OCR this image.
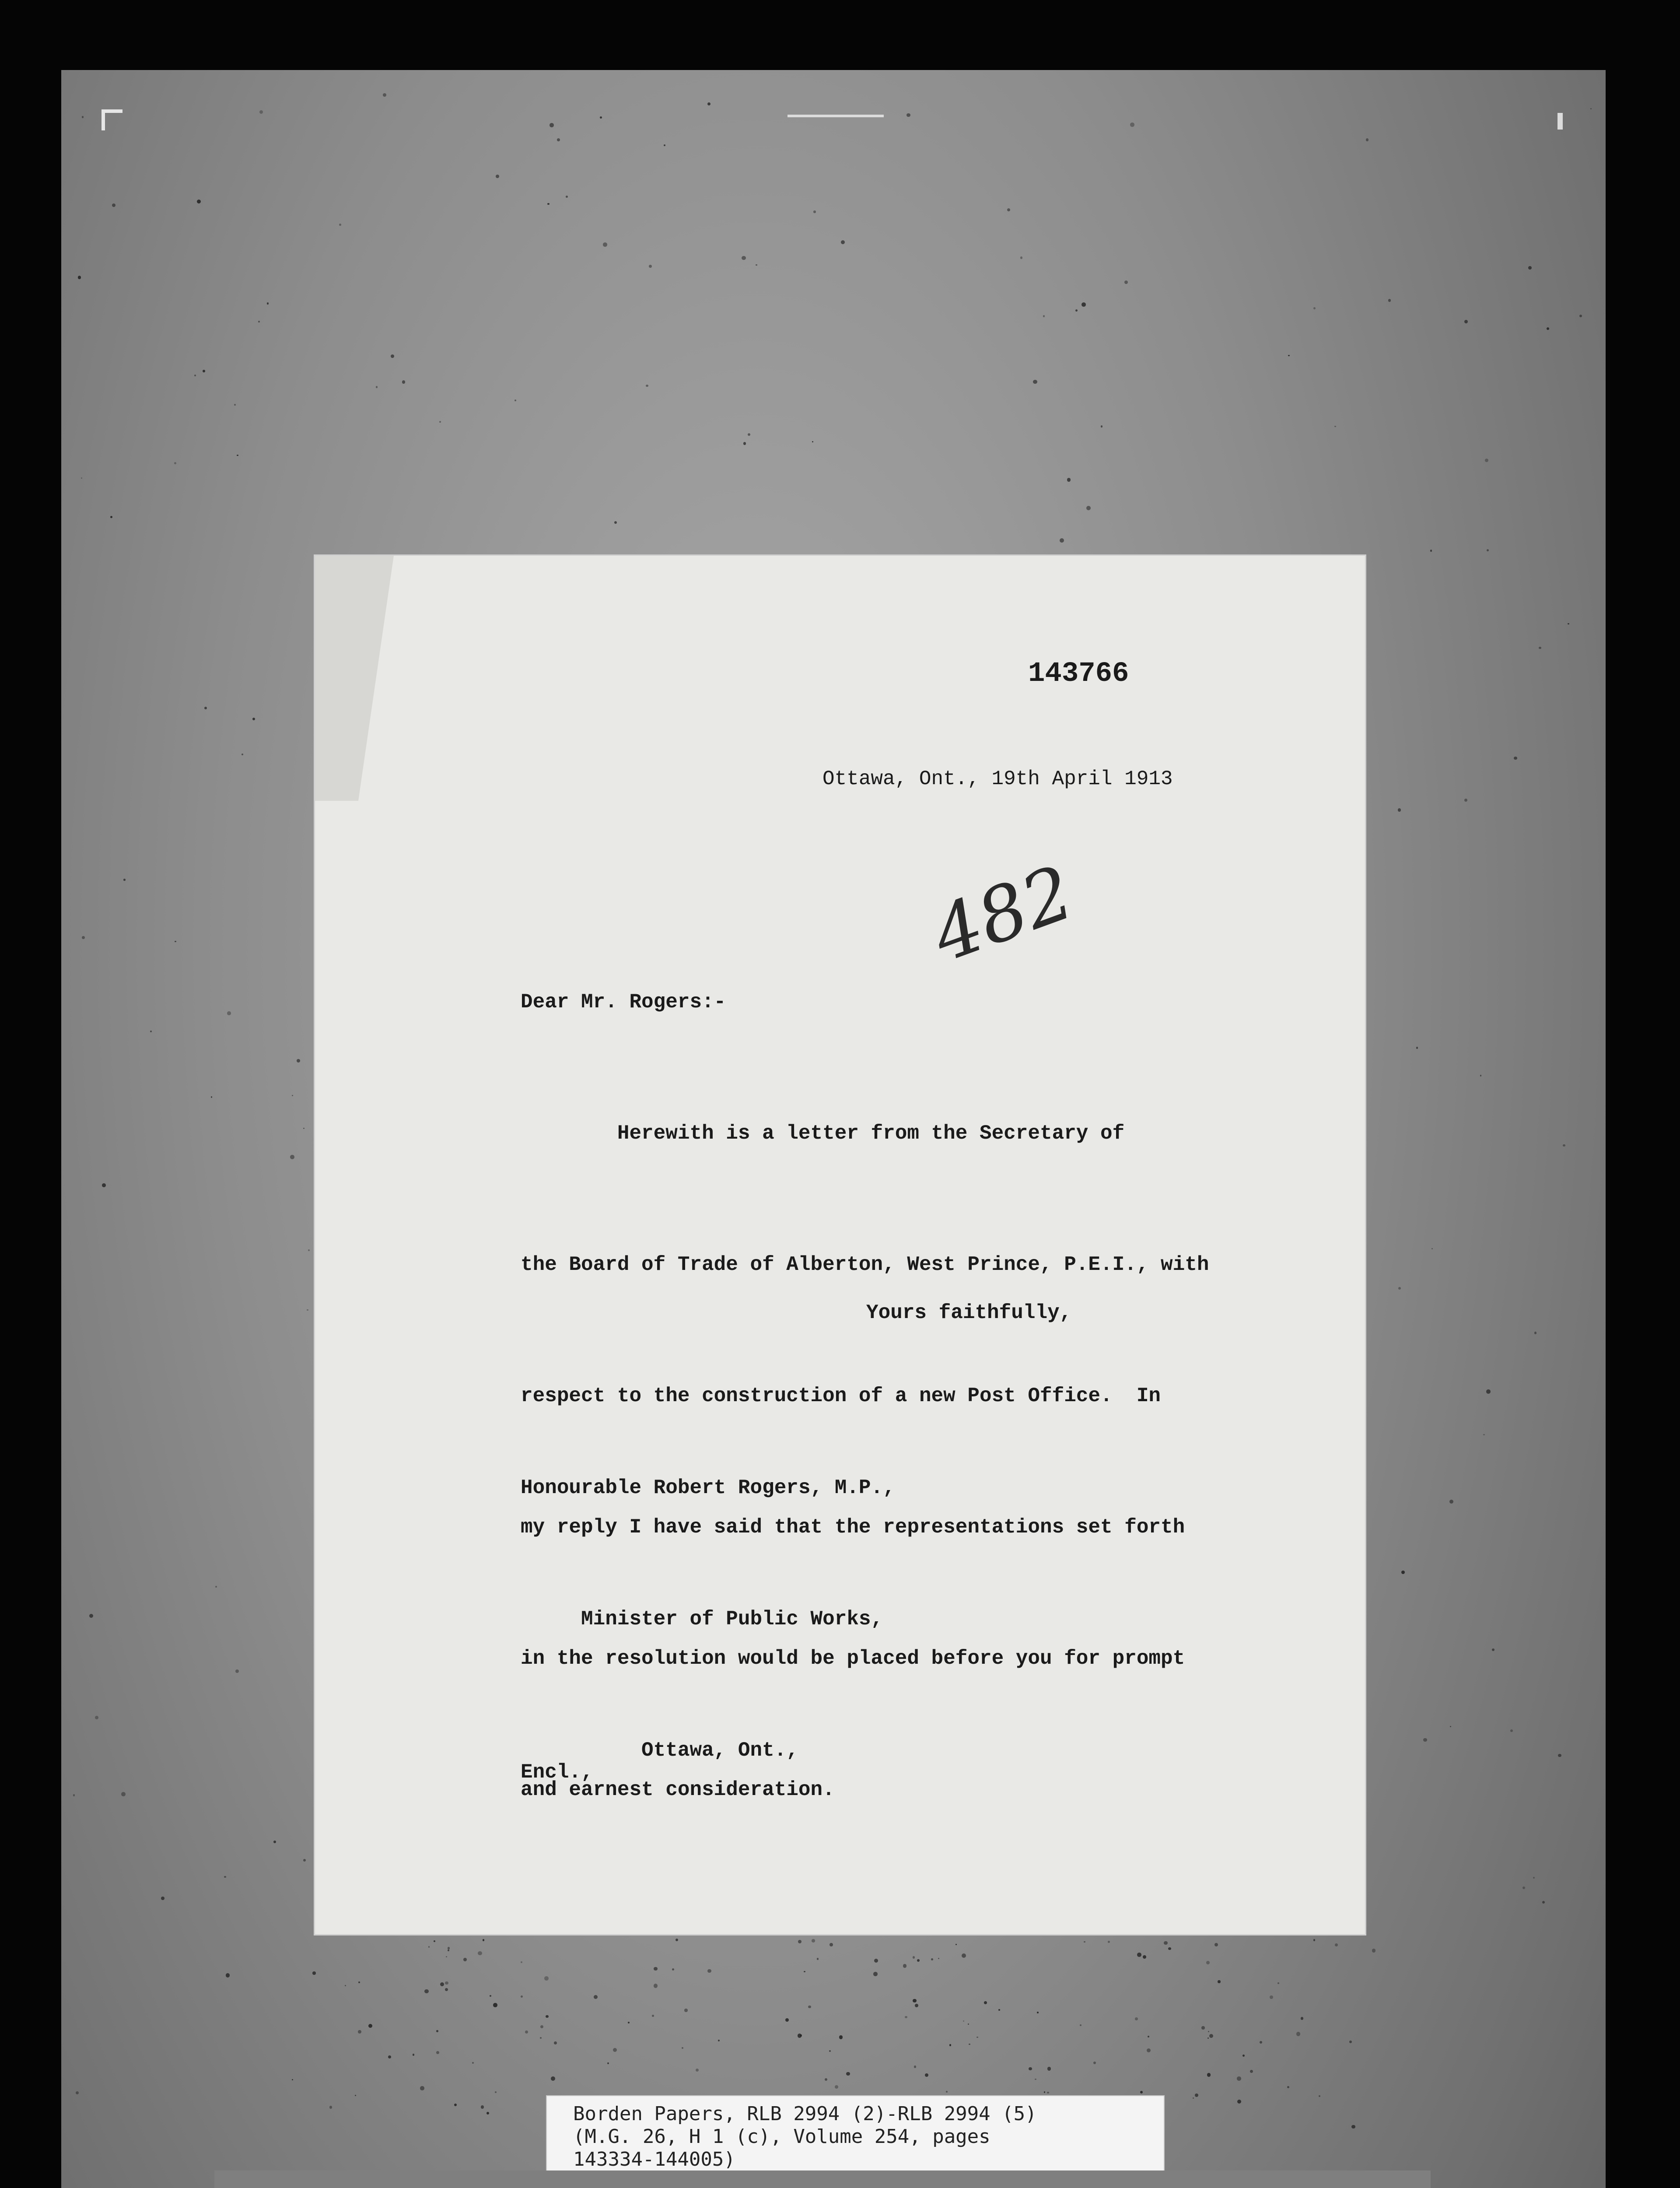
143766
Ottawa, Ont., 19th April 1913
482
Dear Mr. Rogers:-

Herewith is a letter from the Secretary of

the Board of Trade of Alberton, West Prince, P.E.I., with

respect to the construction of a new Post Office.  In

my reply I have said that the representations set forth

in the resolution would be placed before you for prompt

and earnest consideration.

Yours faithfully,

Honourable Robert Rogers, M.P.,

Minister of Public Works,

Ottawa, Ont.,

Encl.,
Borden Papers, RLB 2994 (2)-RLB 2994 (5)
(M.G. 26, H 1 (c), Volume 254, pages
143334-144005)
